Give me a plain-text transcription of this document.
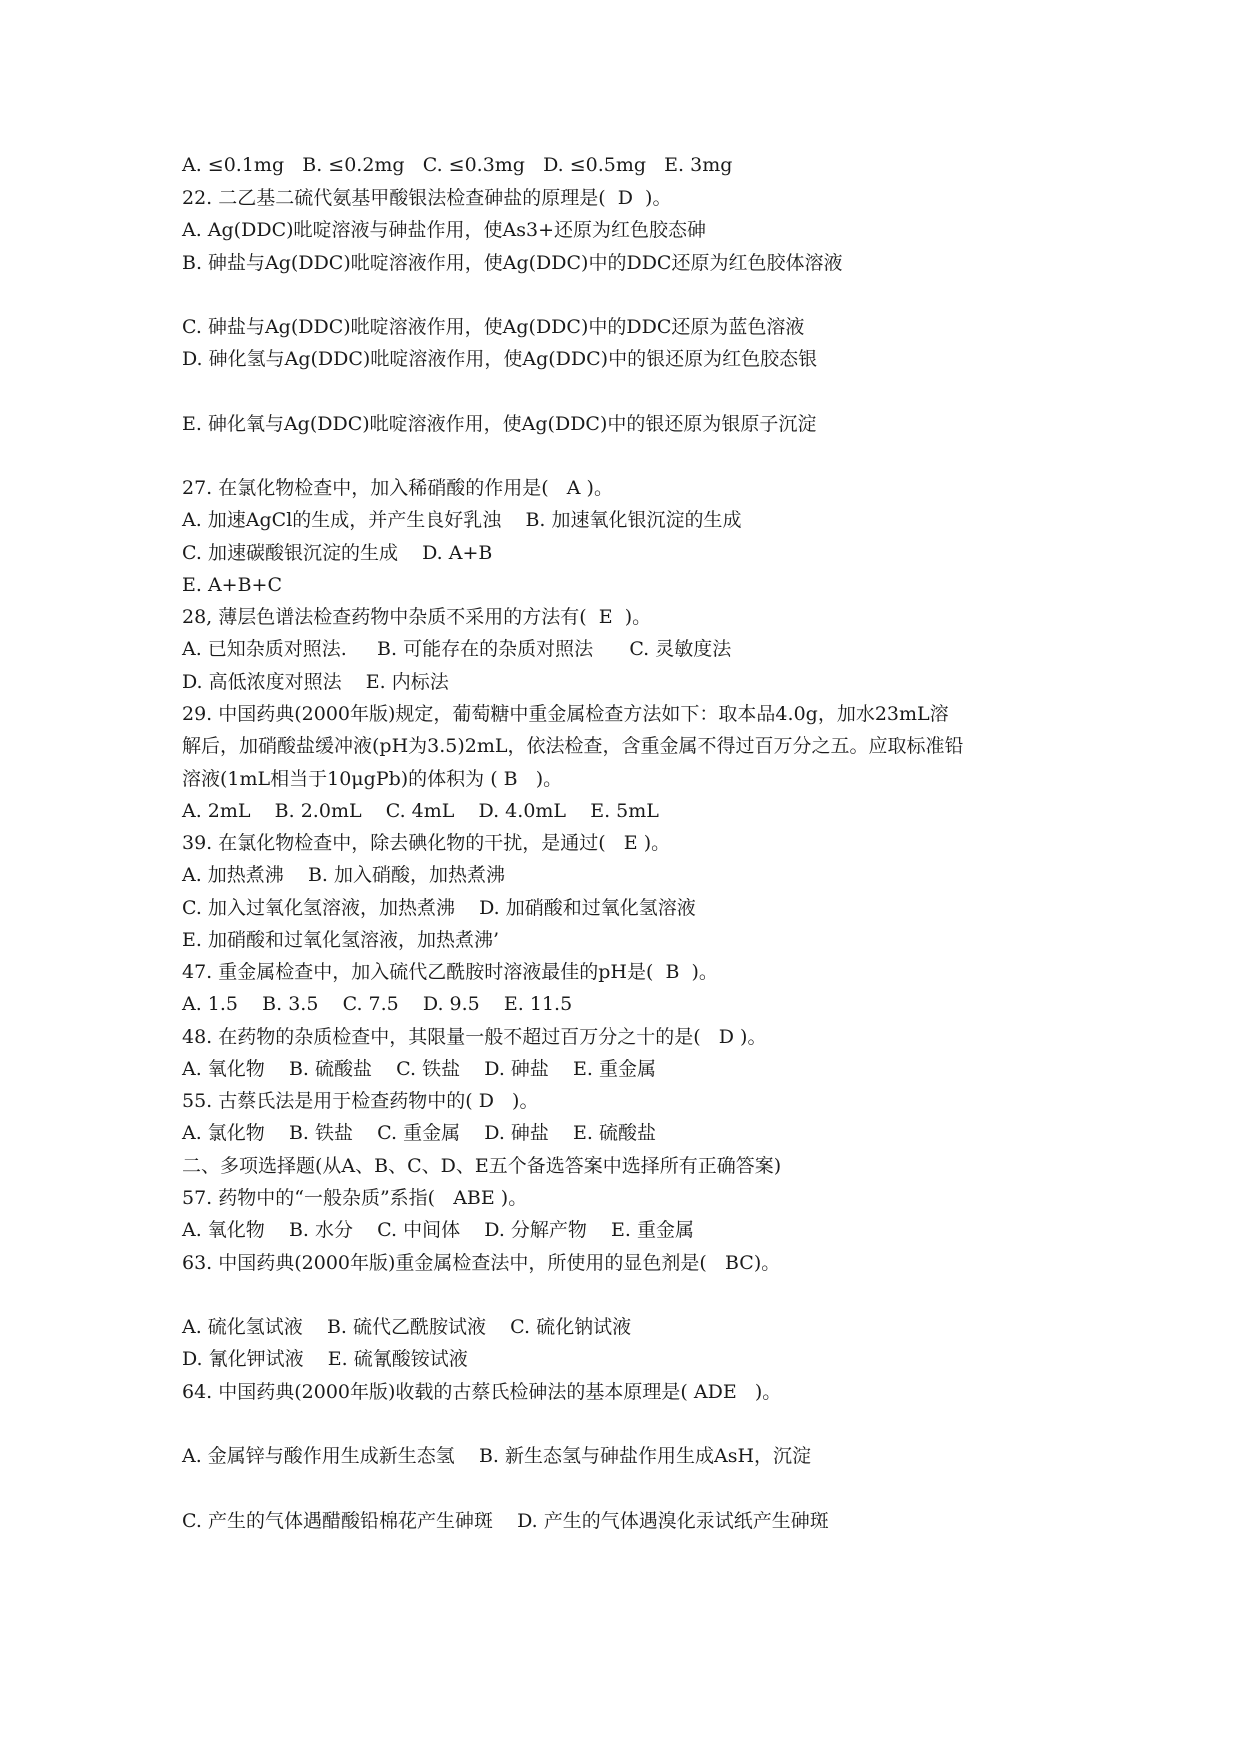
A. ≤0.1mg   B. ≤0.2mg   C. ≤0.3mg   D. ≤0.5mg   E. 3mg
22. 二乙基二硫代氨基甲酸银法检查砷盐的原理是(  D  )。
A. Ag(DDC)吡啶溶液与砷盐作用，使As3+还原为红色胶态砷
B. 砷盐与Ag(DDC)吡啶溶液作用，使Ag(DDC)中的DDC还原为红色胶体溶液
C. 砷盐与Ag(DDC)吡啶溶液作用，使Ag(DDC)中的DDC还原为蓝色溶液
D. 砷化氢与Ag(DDC)吡啶溶液作用，使Ag(DDC)中的银还原为红色胶态银
E. 砷化氧与Ag(DDC)吡啶溶液作用，使Ag(DDC)中的银还原为银原子沉淀
27. 在氯化物检查中，加入稀硝酸的作用是(   A )。
A. 加速AgCl的生成，并产生良好乳浊    B. 加速氧化银沉淀的生成
C. 加速碳酸银沉淀的生成    D. A+B
E. A+B+C
28, 薄层色谱法检查药物中杂质不采用的方法有(  E  )。
A. 已知杂质对照法.     B. 可能存在的杂质对照法      C. 灵敏度法
D. 高低浓度对照法    E. 内标法
29. 中国药典(2000年版)规定，葡萄糖中重金属检查方法如下：取本品4.0g，加水23mL溶
解后，加硝酸盐缓冲液(pH为3.5)2mL，依法检查，含重金属不得过百万分之五。应取标准铅
溶液(1mL相当于10μgPb)的体积为 ( B   )。
A. 2mL    B. 2.0mL    C. 4mL    D. 4.0mL    E. 5mL
39. 在氯化物检查中，除去碘化物的干扰，是通过(   E )。
A. 加热煮沸    B. 加入硝酸，加热煮沸
C. 加入过氧化氢溶液，加热煮沸    D. 加硝酸和过氧化氢溶液
E. 加硝酸和过氧化氢溶液，加热煮沸’
47. 重金属检查中，加入硫代乙酰胺时溶液最佳的pH是(  B  )。
A. 1.5    B. 3.5    C. 7.5    D. 9.5    E. 11.5
48. 在药物的杂质检查中，其限量一般不超过百万分之十的是(   D )。
A. 氧化物    B. 硫酸盐    C. 铁盐    D. 砷盐    E. 重金属
55. 古蔡氏法是用于检查药物中的( D   )。
A. 氯化物    B. 铁盐    C. 重金属    D. 砷盐    E. 硫酸盐
二、多项选择题(从A、B、C、D、E五个备选答案中选择所有正确答案)
57. 药物中的“一般杂质”系指(   ABE )。
A. 氧化物    B. 水分    C. 中间体    D. 分解产物    E. 重金属
63. 中国药典(2000年版)重金属检查法中，所使用的显色剂是(   BC)。
A. 硫化氢试液    B. 硫代乙酰胺试液    C. 硫化钠试液
D. 氰化钾试液    E. 硫氰酸铵试液
64. 中国药典(2000年版)收载的古蔡氏检砷法的基本原理是( ADE   )。
A. 金属锌与酸作用生成新生态氢    B. 新生态氢与砷盐作用生成AsH，沉淀
C. 产生的气体遇醋酸铅棉花产生砷斑    D. 产生的气体遇溴化汞试纸产生砷斑
